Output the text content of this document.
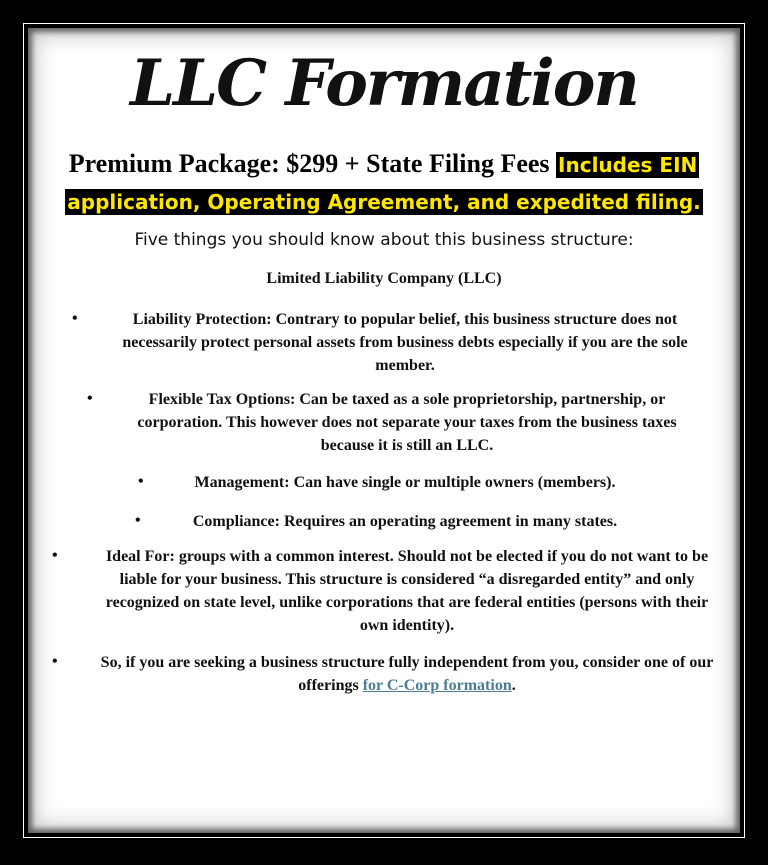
LLC Formation
Premium Package: $299 + State Filing Fees Includes EIN application, Operating Agreement, and expedited filing.
Five things you should know about this business structure:
Limited Liability Company (LLC)
•	Liability Protection: Contrary to popular belief, this business structure does not necessarily protect personal assets from business debts especially if you are the sole member.
•	Flexible Tax Options: Can be taxed as a sole proprietorship, partnership, or corporation. This however does not separate your taxes from the business taxes because it is still an LLC.
•	Management: Can have single or multiple owners (members).
•	Compliance: Requires an operating agreement in many states.
•	Ideal For: groups with a common interest. Should not be elected if you do not want to be liable for your business. This structure is considered “a disregarded entity” and only recognized on state level, unlike corporations that are federal entities (persons with their own identity).
•	So, if you are seeking a business structure fully independent from you, consider one of our offerings for C-Corp formation.
